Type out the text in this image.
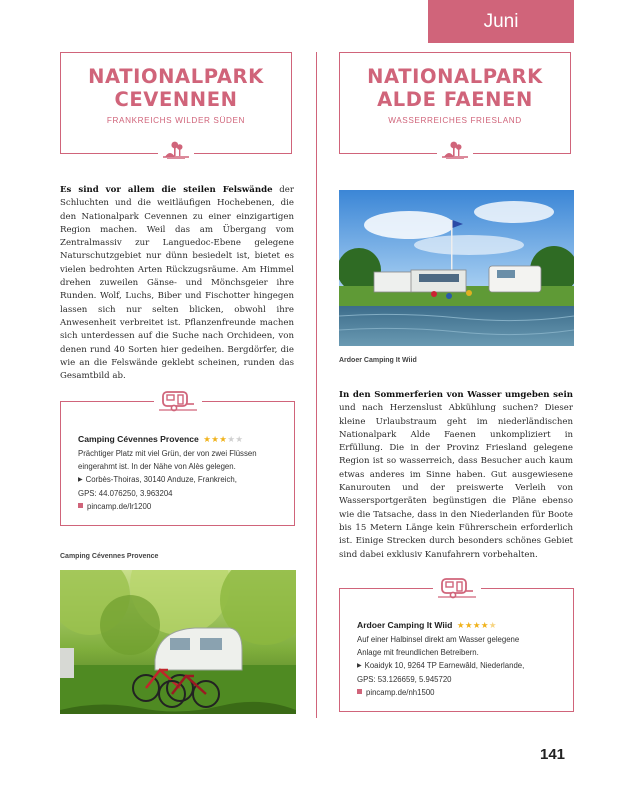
Juni
NATIONALPARK
CEVENNEN
FRANKREICHS WILDER SÜDEN
NATIONALPARK
ALDE FAENEN
WASSERREICHES FRIESLAND

Es sind vor allem die steilen Felswände der Schluchten und die weitläufigen Hochebenen, die den Nationalpark Cevennen zu einer einzigartigen Region machen. Weil das am Übergang vom Zentralmassiv zur Languedoc-Ebene gelegene Naturschutzgebiet nur dünn besiedelt ist, bietet es vielen bedrohten Arten Rückzugsräume. Am Himmel drehen zuweilen Gänse- und Mönchsgeier ihre Runden. Wolf, Luchs, Biber und Fischotter hingegen lassen sich nur selten blicken, obwohl ihre Anwesenheit verbreitet ist. Pflanzenfreunde machen sich unterdessen auf die Suche nach Orchideen, von denen rund 40 Sorten hier gedeihen. Bergdörfer, die wie an die Felswände geklebt scheinen, runden das Gesamtbild ab.

Camping Cévennes Provence ★★★★★
Prächtiger Platz mit viel Grün, der von zwei Flüssen
eingerahmt ist. In der Nähe von Alès gelegen.
▶ Corbès-Thoiras, 30140 Anduze, Frankreich,
GPS: 44.076250, 3.963204
pincamp.de/lr1200
Camping Cévennes Provence
Ardoer Camping It Wiid

In den Sommerferien von Wasser umgeben sein und nach Herzenslust Abkühlung suchen? Dieser kleine Urlaubstraum geht im niederländischen Nationalpark Alde Faenen unkompliziert in Erfüllung. Die in der Provinz Friesland gelegene Region ist so wasserreich, dass Besucher auch kaum etwas anderes im Sinne haben. Gut ausgewiesene Kanurouten und der preiswerte Verleih von Wassersportgeräten begünstigen die Pläne ebenso wie die Tatsache, dass in den Niederlanden für Boote bis 15 Metern Länge kein Führerschein erforderlich ist. Einige Strecken durch besonders schönes Gebiet sind dabei exklusiv Kanufahrern vorbehalten.

Ardoer Camping It Wiid ★★★★★
Auf einer Halbinsel direkt am Wasser gelegene
Anlage mit freundlichen Betreibern.
▶ Koaidyk 10, 9264 TP Earnewâld, Niederlande,
GPS: 53.126659, 5.945720
pincamp.de/nh1500
141
